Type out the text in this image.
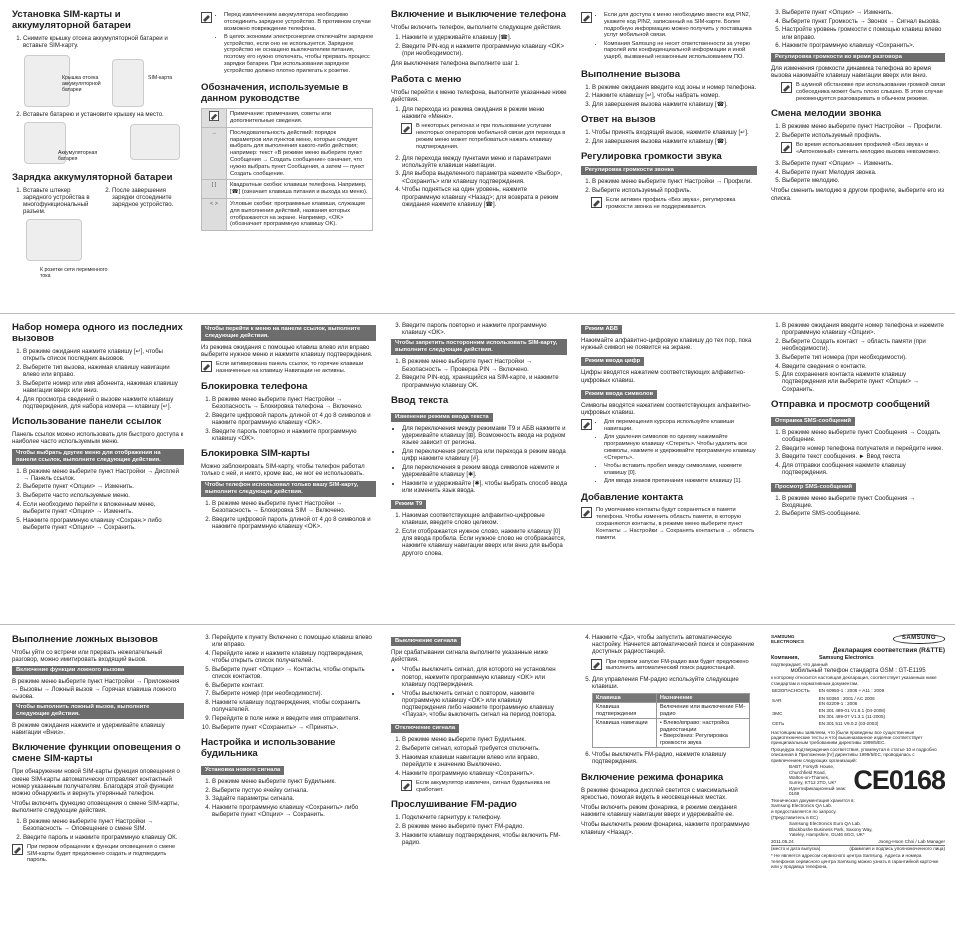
Установка SIM-карты и аккумуляторной батареи
1. Снимите крышку отсека аккумуляторной батареи и вставьте SIM-карту.
Крышка отсека аккумуляторной батареи
SIM-карта
2. Вставьте батарею и установите крышку на место.
Аккумуляторная батарея
Зарядка аккумуляторной батареи
1. Вставьте штекер зарядного устройства в многофункциональный разъем.
2. После завершения зарядки отсоедините зарядное устройство.
К розетке сети переменного тока
• Перед извлечением аккумулятора необходимо отсоединить зарядное устройство. В противном случае возможно повреждение телефона.
• В целях экономии электроэнергии отключайте зарядное устройство, если оно не используется. Зарядное устройство не оснащено выключателем питания, поэтому его нужно отключать, чтобы прервать процесс зарядки батареи. При использовании зарядное устройство должно плотно прилегать к розетке.
Обозначения, используемые в данном руководстве
	Примечание: примечания, советы или дополнительные сведения.
→	Последовательность действий: порядок параметров или пунктов меню, которые следует выбрать для выполнения какого-либо действия; например: текст «В режиме меню выберите пункт Сообщения → Создать сообщение» означает, что нужно выбрать пункт Сообщения, а затем — пункт Создать сообщение.
[ ]	Квадратные скобки: клавиши телефона. Например, [☎] (означает клавиша питания и выхода из меню).
< >	Угловые скобки: программные клавиши, служащие для выполнения действий, названия которых отображаются на экране. Например, <OK> (обозначает программную клавишу OK).
Включение и выключение телефона

Чтобы включить телефон, выполните следующие действия.

1. Нажмите и удерживайте клавишу [☎].
2. Введите PIN-код и нажмите программную клавишу <OK> (при необходимости).

Для выключения телефона выполните шаг 1.

Работа с меню

Чтобы перейти к меню телефона, выполните указанные ниже действия.

1. Для перехода из режима ожидания в режим меню нажмите «Меню».
В некоторых регионах и при пользовании услугами некоторых операторов мобильной связи для перехода в режим меню может потребоваться нажать клавишу подтверждения.
2. Для перехода между пунктами меню и параметрами используйте клавиши навигации.
3. Для выбора выделенного параметра нажмите <Выбор>, <Сохранить> или клавишу подтверждения.
4. Чтобы подняться на один уровень, нажмите программную клавишу <Назад>; для возврата в режим ожидания нажмите клавишу [☎].
• Если для доступа к меню необходимо ввести код PIN2, укажите код PIN2, записанный на SIM-карте. Более подробную информацию можно получить у поставщика услуг мобильной связи.
• Компания Samsung не несет ответственности за утерю паролей или конфиденциальной информации и иной ущерб, вызванный незаконным использованием ПО.
Выполнение вызова
1. В режиме ожидания введите код зоны и номер телефона.
2. Нажмите клавишу [↵], чтобы набрать номер.
3. Для завершения вызова нажмите клавишу [☎].
Ответ на вызов
1. Чтобы принять входящий вызов, нажмите клавишу [↵].
2. Для завершения вызова нажмите клавишу [☎].
Регулировка громкости звука
Регулировка громкости звонка
1. В режиме меню выберите пункт Настройки → Профили.
2. Выберите используемый профиль.
Если активен профиль «Без звука», регулировка громкости звонка не поддерживается.
3. Выберите пункт <Опции> → Изменить.
4. Выберите пункт Громкость → Звонок → Сигнал вызова.
5. Настройте уровень громкости с помощью клавиш влево или вправо.
6. Нажмите программную клавишу <Сохранить>.
Регулировка громкости во время разговора

Для изменения громкости динамика телефона во время вызова нажимайте клавишу навигации вверх или вниз.

В шумной обстановке при использовании громкой связи собеседника может быть плохо слышно. В этом случае рекомендуется разговаривать в обычном режиме.
Смена мелодии звонка
1. В режиме меню выберите пункт Настройки → Профили.
2. Выберите используемый профиль.
Во время использования профилей «Без звука» и «Автономный» сменить мелодию вызова невозможно.
3. Выберите пункт <Опции> → Изменить.
4. Выберите пункт Мелодия звонка.
5. Выберите мелодию.

Чтобы сменить мелодию в другом профиле, выберите его из списка.

Набор номера одного из последних вызовов
1. В режиме ожидания нажмите клавишу [↵], чтобы открыть список последних вызовов.
2. Выберите тип вызова, нажимая клавишу навигации влево или вправо.
3. Выберите номер или имя абонента, нажимая клавишу навигации вверх или вниз.
4. Для просмотра сведений о вызове нажмите клавишу подтверждения, для набора номера — клавишу [↵].
Использование панели ссылок

Панель ссылок можно использовать для быстрого доступа к наиболее часто используемым меню.

Чтобы выбрать другие меню для отображения на панели ссылок, выполните следующие действия.
1. В режиме меню выберите пункт Настройки → Дисплей → Панель ссылок.
2. Выберите пункт <Опции> → Изменить.
3. Выберите часто используемые меню.
4. Если необходимо перейти к вложенным меню, выберите пункт <Опции> → Изменить.
5. Нажмите программную клавишу <Сохран.> либо выберите пункт <Опции> → Сохранить.
Чтобы перейти к меню на панели ссылок, выполните следующие действия.

Из режима ожидания с помощью клавиш влево или вправо выберите нужное меню и нажмите клавишу подтверждения.

Если активирована панель ссылок, то горячие клавиши назначенные на клавишу Навигации не активны.
Блокировка телефона
1. В режиме меню выберите пункт Настройки → Безопасность → Блокировка телефона → Включено.
2. Введите цифровой пароль длиной от 4 до 8 символов и нажмите программную клавишу <OK>.
3. Введите пароль повторно и нажмите программную клавишу <OK>.
Блокировка SIM-карты

Можно заблокировать SIM-карту, чтобы телефон работал только с ней, и никто, кроме вас, не мог ее использовать.

Чтобы телефон использовал только вашу SIM-карту, выполните следующие действия.
1. В режиме меню выберите пункт Настройки → Безопасность → Блокировка SIM → Включено.
2. Введите цифровой пароль длиной от 4 до 8 символов и нажмите программную клавишу <OK>.
3. Введите пароль повторно и нажмите программную клавишу <OK>.
Чтобы запретить посторонним использовать SIM-карту, выполните следующие действия.
1. В режиме меню выберите пункт Настройки → Безопасность → Проверка PIN → Включено.
2. Введите PIN-код, хранящийся на SIM-карте, и нажмите программную клавишу OK.
Ввод текста
Изменение режима ввода текста
• Для переключения между режимами T9 и АБВ нажмите и удерживайте клавишу [⊞]. Возможность ввода на родном языке зависит от региона.
• Для переключения регистра или перехода в режим ввода цифр нажмите клавишу [#].
• Для переключения в режим ввода символов нажмите и удерживайте клавишу [✱].
• Нажмите и удерживайте [✱], чтобы выбрать способ ввода или изменить язык ввода.
Режим T9
1. Нажимая соответствующие алфавитно-цифровые клавиши, введите слово целиком.
2. Если отображается нужное слово, нажмите клавишу [0] для ввода пробела. Если нужное слово не отображается, нажмите клавишу навигации вверх или вниз для выбора другого слова.
Режим АБВ

Нажимайте алфавитно-цифровую клавишу до тех пор, пока нужный символ не появится на экране.

Режим ввода цифр

Цифры вводятся нажатием соответствующих алфавитно-цифровых клавиш.

Режим ввода символов

Символы вводятся нажатием соответствующих алфавитно-цифровых клавиш.

• Для перемещения курсора используйте клавиши навигации.
• Для удаления символов по одному нажимайте программную клавишу <Стереть>. Чтобы удалить все символы, нажмите и удерживайте программную клавишу <Стереть>.
• Чтобы вставить пробел между символами, нажмите клавишу [0].
• Для ввода знаков препинания нажмите клавишу [1].
Добавление контакта
По умолчанию контакты будут сохраняться в памяти телефона. Чтобы изменить область памяти, в которую сохраняются контакты, в режиме меню выберите пункт Контакты → Настройки → Сохранять контакты в → область памяти.
1. В режиме ожидания введите номер телефона и нажмите программную клавишу <Опции>.
2. Выберите Создать контакт → область памяти (при необходимости).
3. Выберите тип номера (при необходимости).
4. Введите сведения о контакте.
5. Для сохранения контакта нажмите клавишу подтверждения или выберите пункт <Опции> → Сохранить.
Отправка и просмотр сообщений
Отправка SMS-сообщений
1. В режиме меню выберите пункт Сообщения → Создать сообщение.
2. Введите номер телефона получателя и перейдите ниже.
3. Введите текст сообщения. ► Ввод текста
4. Для отправки сообщения нажмите клавишу подтверждения.
Просмотр SMS-сообщений
1. В режиме меню выберите пункт Сообщения → Входящие.
2. Выберите SMS-сообщение.
Выполнение ложных вызовов

Чтобы уйти со встречи или прервать нежелательный разговор, можно имитировать входящий вызов.

Включение функции ложного вызова

В режиме меню выберите пункт Настройки → Приложения → Вызовы → Ложный вызов → Горячая клавиша ложного вызова.

Чтобы выполнить ложный вызов, выполните следующие действия.

В режиме ожидания нажмите и удерживайте клавишу навигации «Вниз».

Включение функции оповещения о смене SIM-карты

При обнаружении новой SIM-карты функция оповещения о смене SIM-карты автоматически отправляет контактный номер указанным получателям. Благодаря этой функции можно обнаружить и вернуть утерянный телефон.

Чтобы включить функцию оповещения о смене SIM-карты, выполните следующие действия.

1. В режиме меню выберите пункт Настройки → Безопасность → Оповещение о смене SIM.
2. Введите пароль и нажмите программную клавишу ОК.
При первом обращении к функции оповещения о смене SIM-карты будет предложено создать и подтвердить пароль.
3. Перейдите к пункту Включено с помощью клавиш влево или вправо.
4. Перейдите ниже и нажмите клавишу подтверждения, чтобы открыть список получателей.
5. Выберите пункт <Опции> → Контакты, чтобы открыть список контактов.
6. Выберите контакт.
7. Выберите номер (при необходимости).
8. Нажмите клавишу подтверждения, чтобы сохранить получателей.
9. Перейдите в поле ниже и введите имя отправителя.
10. Выберите пункт <Сохранить> → <Принять>.
Настройка и использование будильника
Установка нового сигнала
1. В режиме меню выберите пункт Будильник.
2. Выберите пустую ячейку сигнала.
3. Задайте параметры сигнала.
4. Нажмите программную клавишу <Сохранить> либо выберите пункт <Опции> → Сохранить.
Выключение сигнала

При срабатывании сигнала выполните указанные ниже действия.

• Чтобы выключить сигнал, для которого не установлен повтор, нажмите программную клавишу <OK> или клавишу подтверждения.
• Чтобы выключить сигнал с повтором, нажмите программную клавишу <OK> или клавишу подтверждения либо нажмите программную клавишу <Пауза>, чтобы выключить сигнал на период повтора.
Отключение сигнала
1. В режиме меню выберите пункт Будильник.
2. Выберите сигнал, который требуется отключить.
3. Нажимая клавиши навигации влево или вправо, перейдите к значению Выключено.
4. Нажмите программную клавишу <Сохранить>.
Если аккумулятор извлечен, сигнал будильника не сработает.
Прослушивание FM-радио
1. Подключите гарнитуру к телефону.
2. В режиме меню выберите пункт FM-радио.
3. Нажмите клавишу подтверждения, чтобы включить FM-радио.
4. Нажмите <Да>, чтобы запустить автоматическую настройку. Начнется автоматический поиск и сохранение доступных радиостанций.
При первом запуске FM-радио вам будет предложено выполнить автоматический поиск радиостанций.
5. Для управления FM-радио используйте следующие клавиши.
Клавиша	Назначение
Клавиша подтверждения	Включение или выключение FM-радио
Клавиша навигации	• Влево/вправо: настройка радиостанции
• Вверх/вниз: Регулировка громкости звука
6. Чтобы выключить FM-радио, нажмите клавишу подтверждения.
Включение режима фонарика

В режиме фонарика дисплей светится с максимальной яркостью, помогая видеть в неосвещенных местах.

Чтобы включить режим фонарика, в режиме ожидания нажмите клавишу навигации вверх и удерживайте ее.

Чтобы выключить режим фонарика, нажмите программную клавишу <Назад>.

SAMSUNG ELECTRONICS
SAMSUNG
Декларация соответствия (R&TTE)
Компания,	Samsung Electronics
подтверждает, что данный
мобильный телефон стандарта GSM : GT-E1195
к которому относится настоящая декларация, соответствует указанным ниже стандартам и нормативным документам.
БЕЗОПАСНОСТЬ	EN 60950-1 : 2006 + A11 : 2009
SAR	EN 50360 : 2001 / AC 2006
EN 62209-1 : 2006
ЭМС	EN 301 489-01 V1.8.1 (04-2008)
EN 301 489-07 V1.3.1 (11-2005)
СЕТЬ	EN 301 511 V9.0.2 (03-2003)
Настоящим мы заявляем, что [были проведены все существенные радиотехнические тесты и что] вышеназванное изделие соответствует принципиальным требованиям директивы 1999/5/EC.
Процедура подтверждения соответствия, упомянутая в статье 10 и подробно описанная в Приложении [IV] директивы 1999/5/EC, проводилась с привлечением следующих организаций:
BABT, Forsyth House,
Churchfield Road,
Walton-on-Thames,
Surrey, KT12 2TD, UK*
Идентификационный знак: 0168	CE0168
Техническая документация хранится в:
Samsung Electronics QA Lab.
и предоставляется по запросу.
(Представитель в ЕС)
Samsung Electronics Euro QA Lab.
Blackbushe Business Park, Saxony Way,
Yateley, Hampshire, GU46 6GG, UK*
2011.05.24	Joong-Hoon Choi / Lab Manager
(место и дата выпуска)	(фамилия и подпись уполномоченного лица)
* Не является адресом сервисного центра Samsung. Адреса и номера телефонов сервисного центра Samsung можно узнать в гарантийной карточке или у продавца телефона.
